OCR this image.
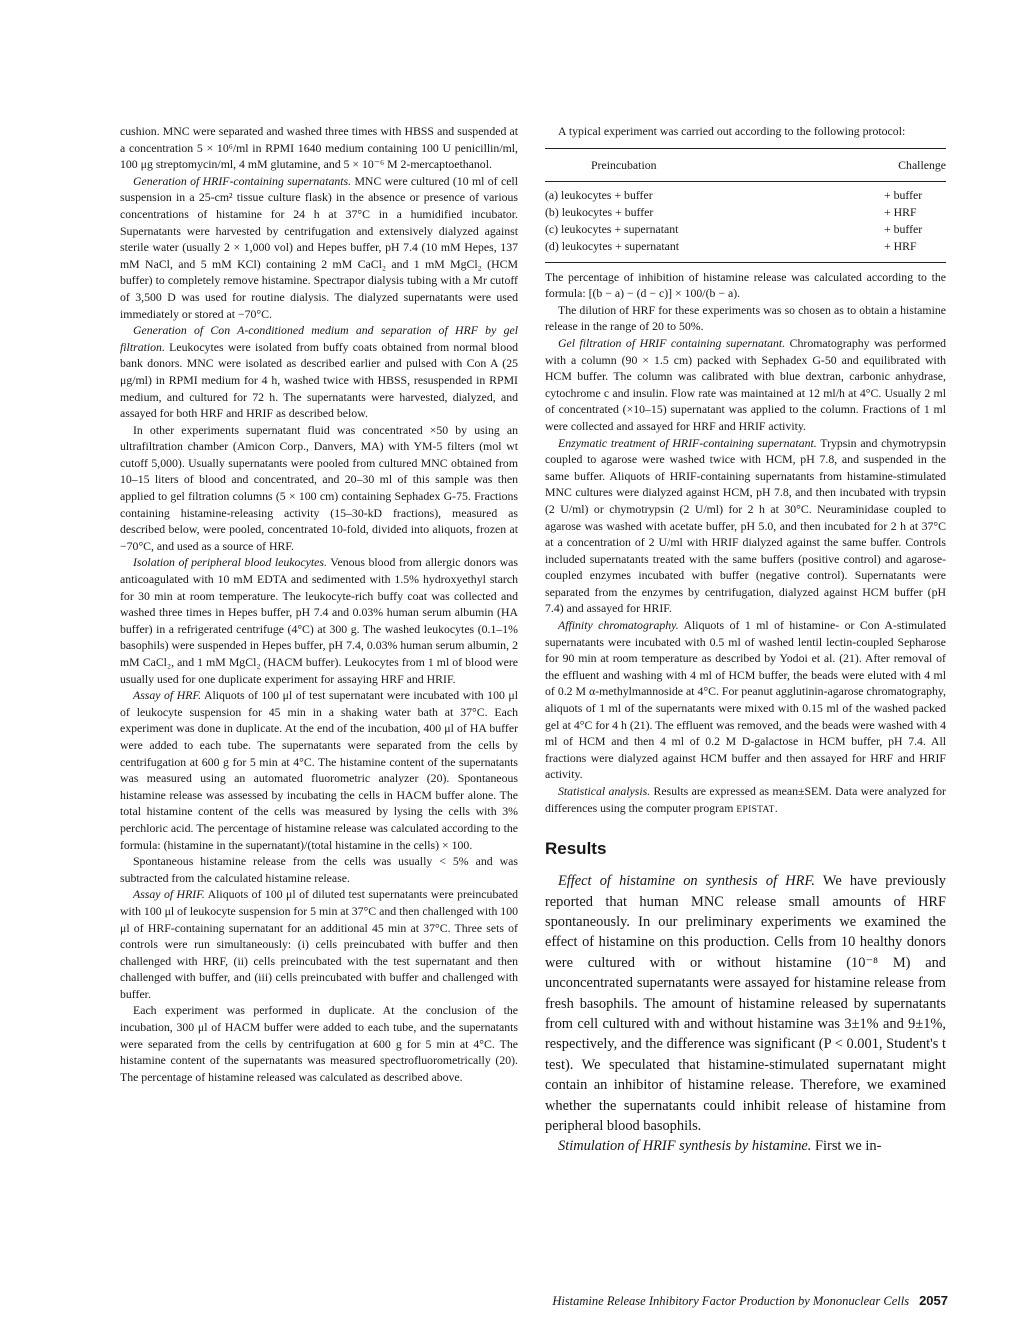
cushion. MNC were separated and washed three times with HBSS and suspended at a concentration 5 × 10⁶/ml in RPMI 1640 medium containing 100 U penicillin/ml, 100 μg streptomycin/ml, 4 mM glutamine, and 5 × 10⁻⁶ M 2-mercaptoethanol.

Generation of HRIF-containing supernatants. MNC were cultured (10 ml of cell suspension in a 25-cm² tissue culture flask) in the absence or presence of various concentrations of histamine for 24 h at 37°C in a humidified incubator. Supernatants were harvested by centrifugation and extensively dialyzed against sterile water (usually 2 × 1,000 vol) and Hepes buffer, pH 7.4 (10 mM Hepes, 137 mM NaCl, and 5 mM KCl) containing 2 mM CaCl₂ and 1 mM MgCl₂ (HCM buffer) to completely remove histamine. Spectrapor dialysis tubing with a Mr cutoff of 3,500 D was used for routine dialysis. The dialyzed supernatants were used immediately or stored at −70°C.

Generation of Con A-conditioned medium and separation of HRF by gel filtration. Leukocytes were isolated from buffy coats obtained from normal blood bank donors. MNC were isolated as described earlier and pulsed with Con A (25 μg/ml) in RPMI medium for 4 h, washed twice with HBSS, resuspended in RPMI medium, and cultured for 72 h. The supernatants were harvested, dialyzed, and assayed for both HRF and HRIF as described below.

In other experiments supernatant fluid was concentrated ×50 by using an ultrafiltration chamber (Amicon Corp., Danvers, MA) with YM-5 filters (mol wt cutoff 5,000). Usually supernatants were pooled from cultured MNC obtained from 10–15 liters of blood and concentrated, and 20–30 ml of this sample was then applied to gel filtration columns (5 × 100 cm) containing Sephadex G-75. Fractions containing histamine-releasing activity (15–30-kD fractions), measured as described below, were pooled, concentrated 10-fold, divided into aliquots, frozen at −70°C, and used as a source of HRF.

Isolation of peripheral blood leukocytes. Venous blood from allergic donors was anticoagulated with 10 mM EDTA and sedimented with 1.5% hydroxyethyl starch for 30 min at room temperature. The leukocyte-rich buffy coat was collected and washed three times in Hepes buffer, pH 7.4 and 0.03% human serum albumin (HA buffer) in a refrigerated centrifuge (4°C) at 300 g. The washed leukocytes (0.1–1% basophils) were suspended in Hepes buffer, pH 7.4, 0.03% human serum albumin, 2 mM CaCl₂, and 1 mM MgCl₂ (HACM buffer). Leukocytes from 1 ml of blood were usually used for one duplicate experiment for assaying HRF and HRIF.

Assay of HRF. Aliquots of 100 μl of test supernatant were incubated with 100 μl of leukocyte suspension for 45 min in a shaking water bath at 37°C. Each experiment was done in duplicate. At the end of the incubation, 400 μl of HA buffer were added to each tube. The supernatants were separated from the cells by centrifugation at 600 g for 5 min at 4°C. The histamine content of the supernatants was measured using an automated fluorometric analyzer (20). Spontaneous histamine release was assessed by incubating the cells in HACM buffer alone. The total histamine content of the cells was measured by lysing the cells with 3% perchloric acid. The percentage of histamine release was calculated according to the formula: (histamine in the supernatant)/(total histamine in the cells) × 100.

Spontaneous histamine release from the cells was usually < 5% and was subtracted from the calculated histamine release.

Assay of HRIF. Aliquots of 100 μl of diluted test supernatants were preincubated with 100 μl of leukocyte suspension for 5 min at 37°C and then challenged with 100 μl of HRF-containing supernatant for an additional 45 min at 37°C. Three sets of controls were run simultaneously: (i) cells preincubated with buffer and then challenged with HRF, (ii) cells preincubated with the test supernatant and then challenged with buffer, and (iii) cells preincubated with buffer and challenged with buffer.

Each experiment was performed in duplicate. At the conclusion of the incubation, 300 μl of HACM buffer were added to each tube, and the supernatants were separated from the cells by centrifugation at 600 g for 5 min at 4°C. The histamine content of the supernatants was measured spectrofluorometrically (20). The percentage of histamine released was calculated as described above.

A typical experiment was carried out according to the following protocol:

Preincubation	Challenge
(a) leukocytes + buffer	+ buffer
(b) leukocytes + buffer	+ HRF
(c) leukocytes + supernatant	+ buffer
(d) leukocytes + supernatant	+ HRF

The percentage of inhibition of histamine release was calculated according to the formula: [(b − a) − (d − c)] × 100/(b − a).

The dilution of HRF for these experiments was so chosen as to obtain a histamine release in the range of 20 to 50%.

Gel filtration of HRIF containing supernatant. Chromatography was performed with a column (90 × 1.5 cm) packed with Sephadex G-50 and equilibrated with HCM buffer. The column was calibrated with blue dextran, carbonic anhydrase, cytochrome c and insulin. Flow rate was maintained at 12 ml/h at 4°C. Usually 2 ml of concentrated (×10–15) supernatant was applied to the column. Fractions of 1 ml were collected and assayed for HRF and HRIF activity.

Enzymatic treatment of HRIF-containing supernatant. Trypsin and chymotrypsin coupled to agarose were washed twice with HCM, pH 7.8, and suspended in the same buffer. Aliquots of HRIF-containing supernatants from histamine-stimulated MNC cultures were dialyzed against HCM, pH 7.8, and then incubated with trypsin (2 U/ml) or chymotrypsin (2 U/ml) for 2 h at 30°C. Neuraminidase coupled to agarose was washed with acetate buffer, pH 5.0, and then incubated for 2 h at 37°C at a concentration of 2 U/ml with HRIF dialyzed against the same buffer. Controls included supernatants treated with the same buffers (positive control) and agarose-coupled enzymes incubated with buffer (negative control). Supernatants were separated from the enzymes by centrifugation, dialyzed against HCM buffer (pH 7.4) and assayed for HRIF.

Affinity chromatography. Aliquots of 1 ml of histamine- or Con A-stimulated supernatants were incubated with 0.5 ml of washed lentil lectin-coupled Sepharose for 90 min at room temperature as described by Yodoi et al. (21). After removal of the effluent and washing with 4 ml of HCM buffer, the beads were eluted with 4 ml of 0.2 M α-methylmannoside at 4°C. For peanut agglutinin-agarose chromatography, aliquots of 1 ml of the supernatants were mixed with 0.15 ml of the washed packed gel at 4°C for 4 h (21). The effluent was removed, and the beads were washed with 4 ml of HCM and then 4 ml of 0.2 M D-galactose in HCM buffer, pH 7.4. All fractions were dialyzed against HCM buffer and then assayed for HRF and HRIF activity.

Statistical analysis. Results are expressed as mean±SEM. Data were analyzed for differences using the computer program EPISTAT.

Results

Effect of histamine on synthesis of HRF. We have previously reported that human MNC release small amounts of HRF spontaneously. In our preliminary experiments we examined the effect of histamine on this production. Cells from 10 healthy donors were cultured with or without histamine (10⁻⁸ M) and unconcentrated supernatants were assayed for histamine release from fresh basophils. The amount of histamine released by supernatants from cell cultured with and without histamine was 3±1% and 9±1%, respectively, and the difference was significant (P < 0.001, Student's t test). We speculated that histamine-stimulated supernatant might contain an inhibitor of histamine release. Therefore, we examined whether the supernatants could inhibit release of histamine from peripheral blood basophils.

Stimulation of HRIF synthesis by histamine. First we in-

Histamine Release Inhibitory Factor Production by Mononuclear Cells 2057
